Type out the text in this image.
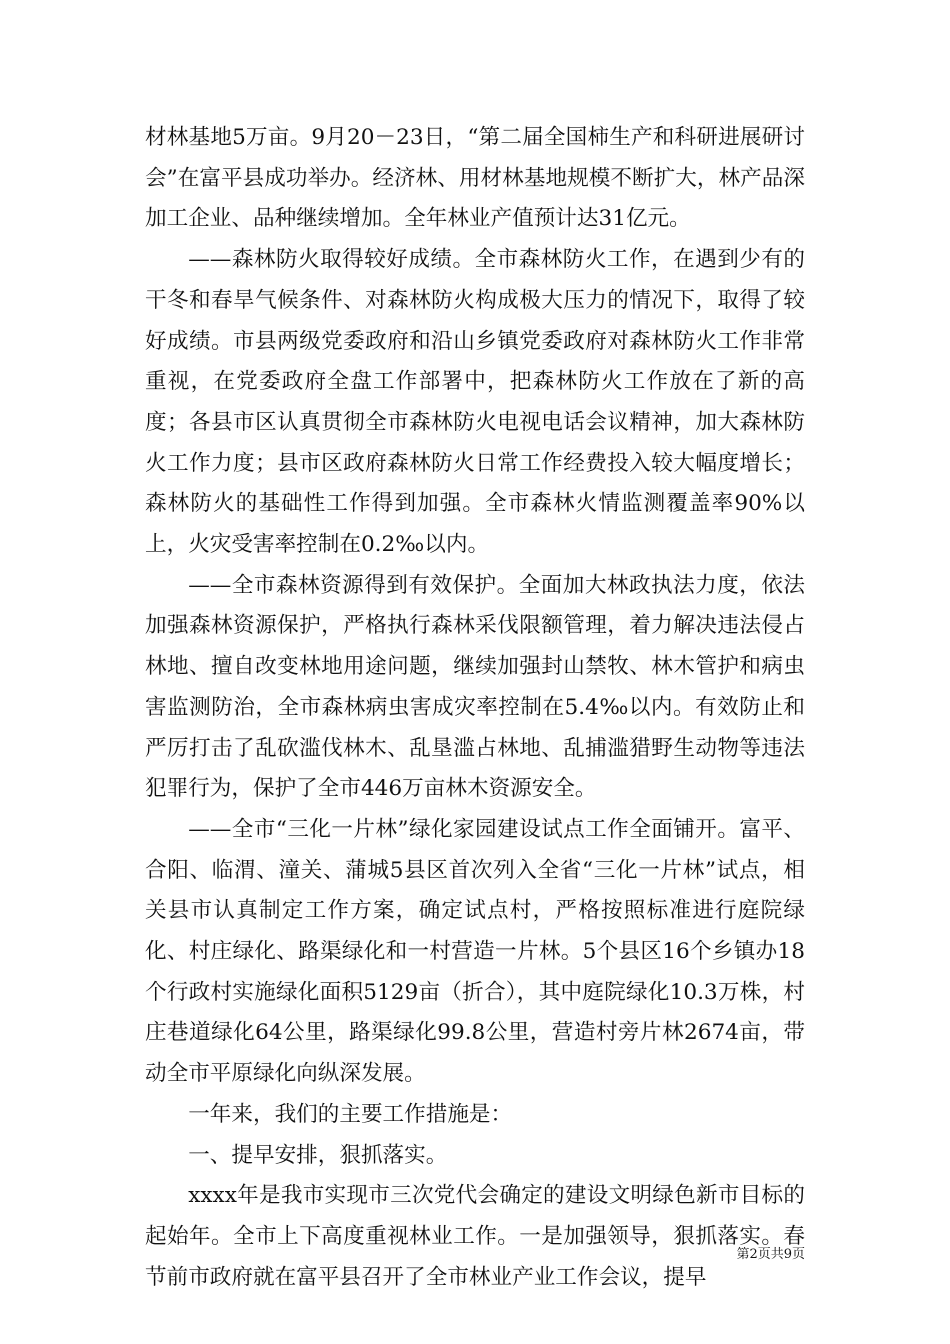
材林基地5万亩。9月20－23日，“第二届全国柿生产和科研进展研讨会”在富平县成功举办。经济林、用材林基地规模不断扩大，林产品深加工企业、品种继续增加。全年林业产值预计达31亿元。

——森林防火取得较好成绩。全市森林防火工作，在遇到少有的干冬和春旱气候条件、对森林防火构成极大压力的情况下，取得了较好成绩。市县两级党委政府和沿山乡镇党委政府对森林防火工作非常重视，在党委政府全盘工作部署中，把森林防火工作放在了新的高度；各县市区认真贯彻全市森林防火电视电话会议精神，加大森林防火工作力度；县市区政府森林防火日常工作经费投入较大幅度增长；森林防火的基础性工作得到加强。全市森林火情监测覆盖率90%以上，火灾受害率控制在0.2‰以内。

——全市森林资源得到有效保护。全面加大林政执法力度，依法加强森林资源保护，严格执行森林采伐限额管理，着力解决违法侵占林地、擅自改变林地用途问题，继续加强封山禁牧、林木管护和病虫害监测防治，全市森林病虫害成灾率控制在5.4‰以内。有效防止和严厉打击了乱砍滥伐林木、乱垦滥占林地、乱捕滥猎野生动物等违法犯罪行为，保护了全市446万亩林木资源安全。

——全市“三化一片林”绿化家园建设试点工作全面铺开。富平、合阳、临渭、潼关、蒲城5县区首次列入全省“三化一片林”试点，相关县市认真制定工作方案，确定试点村，严格按照标准进行庭院绿化、村庄绿化、路渠绿化和一村营造一片林。5个县区16个乡镇办18个行政村实施绿化面积5129亩（折合），其中庭院绿化10.3万株，村庄巷道绿化64公里，路渠绿化99.8公里，营造村旁片林2674亩，带动全市平原绿化向纵深发展。

一年来，我们的主要工作措施是：

一、提早安排，狠抓落实。

xxxx年是我市实现市三次党代会确定的建设文明绿色新市目标的起始年。全市上下高度重视林业工作。一是加强领导，狠抓落实。春节前市政府就在富平县召开了全市林业产业工作会议，提早

第2页共9页
